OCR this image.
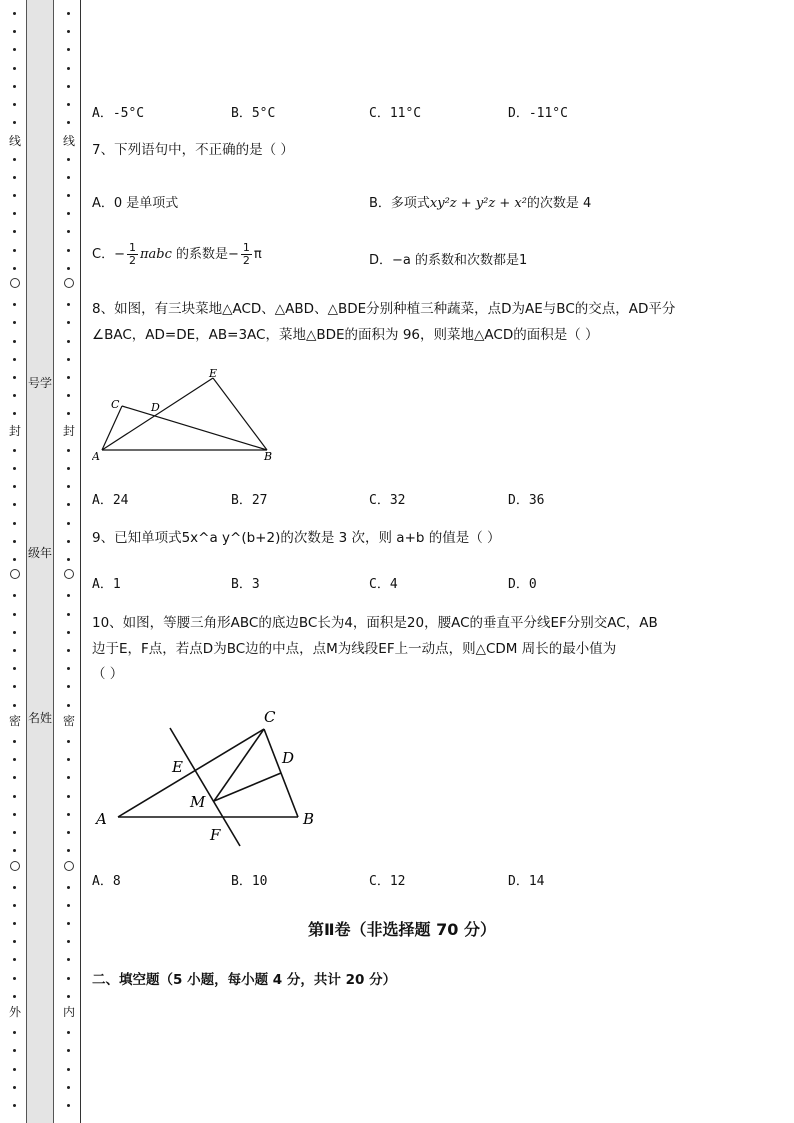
线
封
密
外
号学
级年
名姓
线
封
密
内
A．-5°C	B．5°C	C．11°C	D．-11°C
7、下列语句中，不正确的是（ ）
A．0 是单项式	B．多项式xy²z + y²z + x²的次数是 4
C．− $\frac{1}{2}$ πabc 的系数是− $\frac{1}{2}$ π	D．−a 的系数和次数都是1
8、如图，有三块菜地△ACD、△ABD、△BDE分别种植三种蔬菜，点D为AE与BC的交点，AD平分
∠BAC，AD=DE，AB=3AC，菜地△BDE的面积为 96，则菜地△ACD的面积是（ ）
E
C	D
A	B
A．24	B．27	C．32	D．36
9、已知单项式5x^a y^(b+2)的次数是 3 次，则 a+b 的值是（ ）
A．1	B．3	C．4	D．0
10、如图，等腰三角形ABC的底边BC长为4，面积是20，腰AC的垂直平分线EF分别交AC，AB
边于E，F点，若点D为BC边的中点，点M为线段EF上一动点，则△CDM 周长的最小值为
（ ）
C
D
E
M
A	B
F
A．8	B．10	C．12	D．14
第Ⅱ卷（非选择题 70 分）
二、填空题（5 小题，每小题 4 分，共计 20 分）
